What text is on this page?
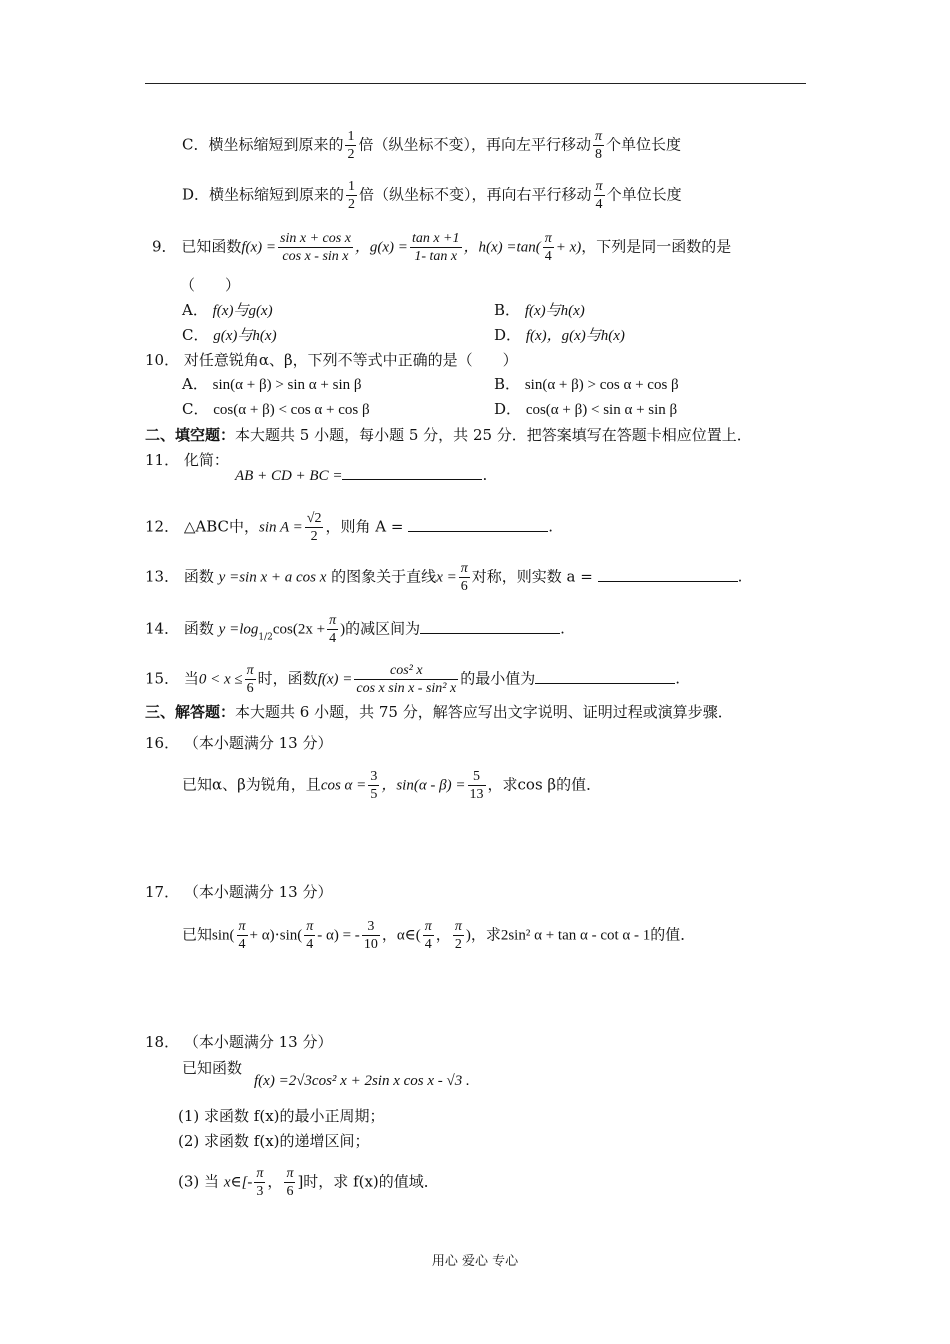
C．横坐标缩短到原来的 $\frac{1}{2}$ 倍（纵坐标不变），再向左平行移动 $\frac{\pi}{8}$ 个单位长度
D．横坐标缩短到原来的 $\frac{1}{2}$ 倍（纵坐标不变），再向右平行移动 $\frac{\pi}{4}$ 个单位长度
9． 已知函数$f(x) = \frac{\text{sin x + cos x}}{\text{cos x - sin x}}$ ，$g(x) = \frac{\text{tan x +1}}{\text{1- tan x}}$ ，$h(x) =\tan( \frac{\pi}{4} + x)$，下列是同一函数的是
（　　）
A． f(x)与g(x)	B． f(x)与h(x)
C． g(x)与h(x)	D． f(x)，g(x)与h(x)
10． 对任意锐角α、β，下列不等式中正确的是（　　）
A． sin(α + β) > sin α + sin β	B． sin(α + β) > cos α + cos β
C． cos(α + β) < cos α + cos β	D． cos(α + β) < sin α + sin β
二、填空题：本大题共 5 小题，每小题 5 分，共 25 分．把答案填写在答题卡相应位置上．
11． 化简：
AB + CD + BC =	.
12． △ABC中，$\sin A = \frac{√2}{2}$ ，则角 A =	.
13． 函数 y =sin x + a cos x 的图象关于直线$x = \frac{\pi}{6}$ 对称，则实数 a =	.
14． 函数 $y =\log_{1/2}\cos(2x + \frac{\pi}{4}$ )的减区间为	.
15． 当$0 < x \le \frac{\pi}{6}$ 时，函数$f(x) = \frac{\text{cos² x}}{\text{cos x sin x - sin² x}}$ 的最小值为	.
三、解答题：本大题共 6 小题，共 75 分，解答应写出文字说明、证明过程或演算步骤．
16． （本小题满分 13 分）
已知α、β为锐角，且$\cos \alpha = \frac{3}{5}$ ，$\sin(\alpha - \beta) = \frac{5}{13}$ ，求cos β的值．
17． （本小题满分 13 分）
已知$\sin( \frac{\pi}{4} + \alpha)\cdot\sin( \frac{\pi}{4} - \alpha)$ = - $\frac{3}{10}$ ，α∈( $\frac{\pi}{4}$ ， $\frac{\pi}{2}$ )，求2sin² α + tan α - cot α - 1的值．
18． （本小题满分 13 分）
已知函数
f(x) =2√3cos² x + 2sin x cos x - √3 .
(1) 求函数 f(x)的最小正周期；
(2) 求函数 f(x)的递增区间；
(3) 当 x∈[- $\frac{\pi}{3}$ ， $\frac{\pi}{6}$ ]时，求 f(x)的值域．
用心 爱心 专心
